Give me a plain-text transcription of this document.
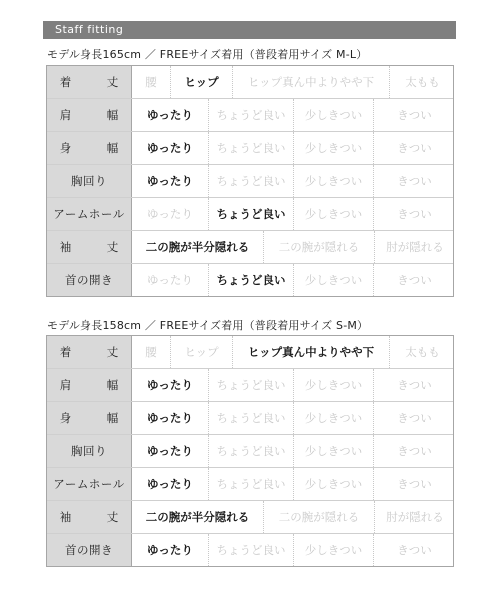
Staff fitting
モデル身長165cm ／ FREEサイズ着用（普段着用サイズ M-L）
着　丈	腰	ヒップ	ヒップ真ん中よりやや下	太もも
肩　幅	ゆったり	ちょうど良い	少しきつい	きつい
身　幅	ゆったり	ちょうど良い	少しきつい	きつい
胸回り	ゆったり	ちょうど良い	少しきつい	きつい
アームホール	ゆったり	ちょうど良い	少しきつい	きつい
袖　丈	二の腕が半分隠れる	二の腕が隠れる	肘が隠れる
首の開き	ゆったり	ちょうど良い	少しきつい	きつい
モデル身長158cm ／ FREEサイズ着用（普段着用サイズ S-M）
着　丈	腰	ヒップ	ヒップ真ん中よりやや下	太もも
肩　幅	ゆったり	ちょうど良い	少しきつい	きつい
身　幅	ゆったり	ちょうど良い	少しきつい	きつい
胸回り	ゆったり	ちょうど良い	少しきつい	きつい
アームホール	ゆったり	ちょうど良い	少しきつい	きつい
袖　丈	二の腕が半分隠れる	二の腕が隠れる	肘が隠れる
首の開き	ゆったり	ちょうど良い	少しきつい	きつい
